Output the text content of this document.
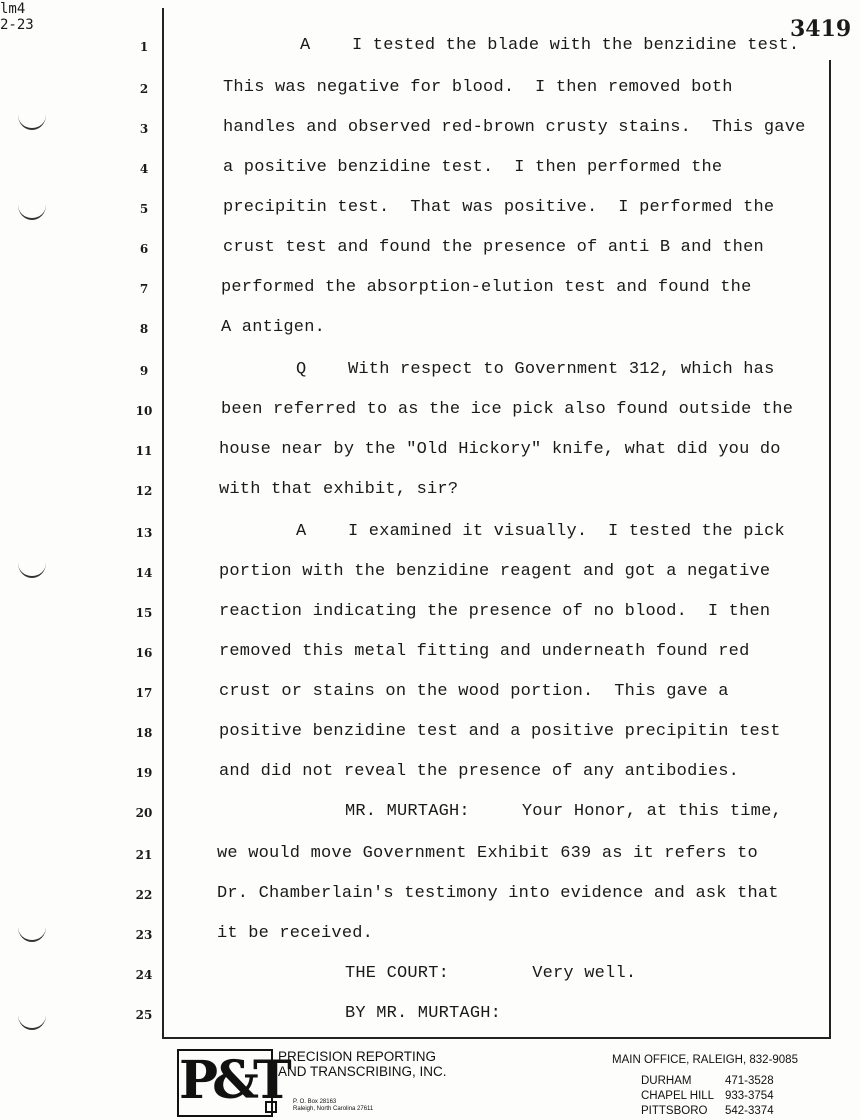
lm4
2-23	3419
1	A    I tested the blade with the benzidine test.
2	This was negative for blood.  I then removed both
3	handles and observed red-brown crusty stains.  This gave
4	a positive benzidine test.  I then performed the
5	precipitin test.  That was positive.  I performed the
6	crust test and found the presence of anti B and then
7	performed the absorption-elution test and found the
8	A antigen.
9	Q    With respect to Government 312, which has
10	been referred to as the ice pick also found outside the
11	house near by the "Old Hickory" knife, what did you do
12	with that exhibit, sir?
13	A    I examined it visually.  I tested the pick
14	portion with the benzidine reagent and got a negative
15	reaction indicating the presence of no blood.  I then
16	removed this metal fitting and underneath found red
17	crust or stains on the wood portion.  This gave a
18	positive benzidine test and a positive precipitin test
19	and did not reveal the presence of any antibodies.
20	MR. MURTAGH:     Your Honor, at this time,
21	we would move Government Exhibit 639 as it refers to
22	Dr. Chamberlain's testimony into evidence and ask that
23	it be received.
24	THE COURT:        Very well.
25	BY MR. MURTAGH:
P&T
PRECISION REPORTING
AND TRANSCRIBING, INC.
P. O. Box 28163
Raleigh, North Carolina 27611
MAIN OFFICE, RALEIGH, 832-9085
DURHAM	471-3528
CHAPEL HILL 933-3754
PITTSBORO 542-3374
